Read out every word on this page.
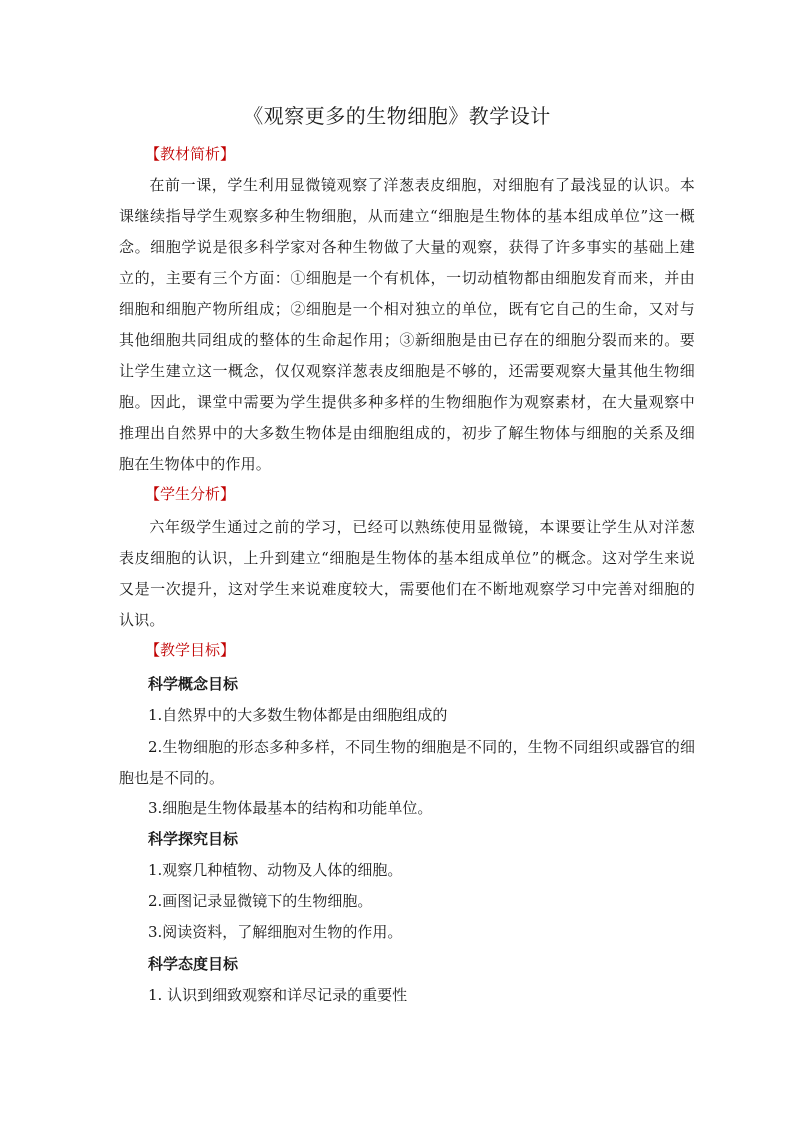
《观察更多的生物细胞》教学设计
【教材简析】
在前一课，学生利用显微镜观察了洋葱表皮细胞，对细胞有了最浅显的认识。本课继续指导学生观察多种生物细胞，从而建立“细胞是生物体的基本组成单位”这一概念。细胞学说是很多科学家对各种生物做了大量的观察，获得了许多事实的基础上建立的，主要有三个方面：①细胞是一个有机体，一切动植物都由细胞发育而来，并由细胞和细胞产物所组成；②细胞是一个相对独立的单位，既有它自己的生命，又对与其他细胞共同组成的整体的生命起作用；③新细胞是由已存在的细胞分裂而来的。要让学生建立这一概念，仅仅观察洋葱表皮细胞是不够的，还需要观察大量其他生物细胞。因此，课堂中需要为学生提供多种多样的生物细胞作为观察素材，在大量观察中推理出自然界中的大多数生物体是由细胞组成的，初步了解生物体与细胞的关系及细胞在生物体中的作用。
【学生分析】
六年级学生通过之前的学习，已经可以熟练使用显微镜，本课要让学生从对洋葱表皮细胞的认识，上升到建立“细胞是生物体的基本组成单位”的概念。这对学生来说又是一次提升，这对学生来说难度较大，需要他们在不断地观察学习中完善对细胞的认识。
【教学目标】
科学概念目标
1.自然界中的大多数生物体都是由细胞组成的
2.生物细胞的形态多种多样，不同生物的细胞是不同的，生物不同组织或器官的细胞也是不同的。
3.细胞是生物体最基本的结构和功能单位。
科学探究目标
1.观察几种植物、动物及人体的细胞。
2.画图记录显微镜下的生物细胞。
3.阅读资料，了解细胞对生物的作用。
科学态度目标
1. 认识到细致观察和详尽记录的重要性
